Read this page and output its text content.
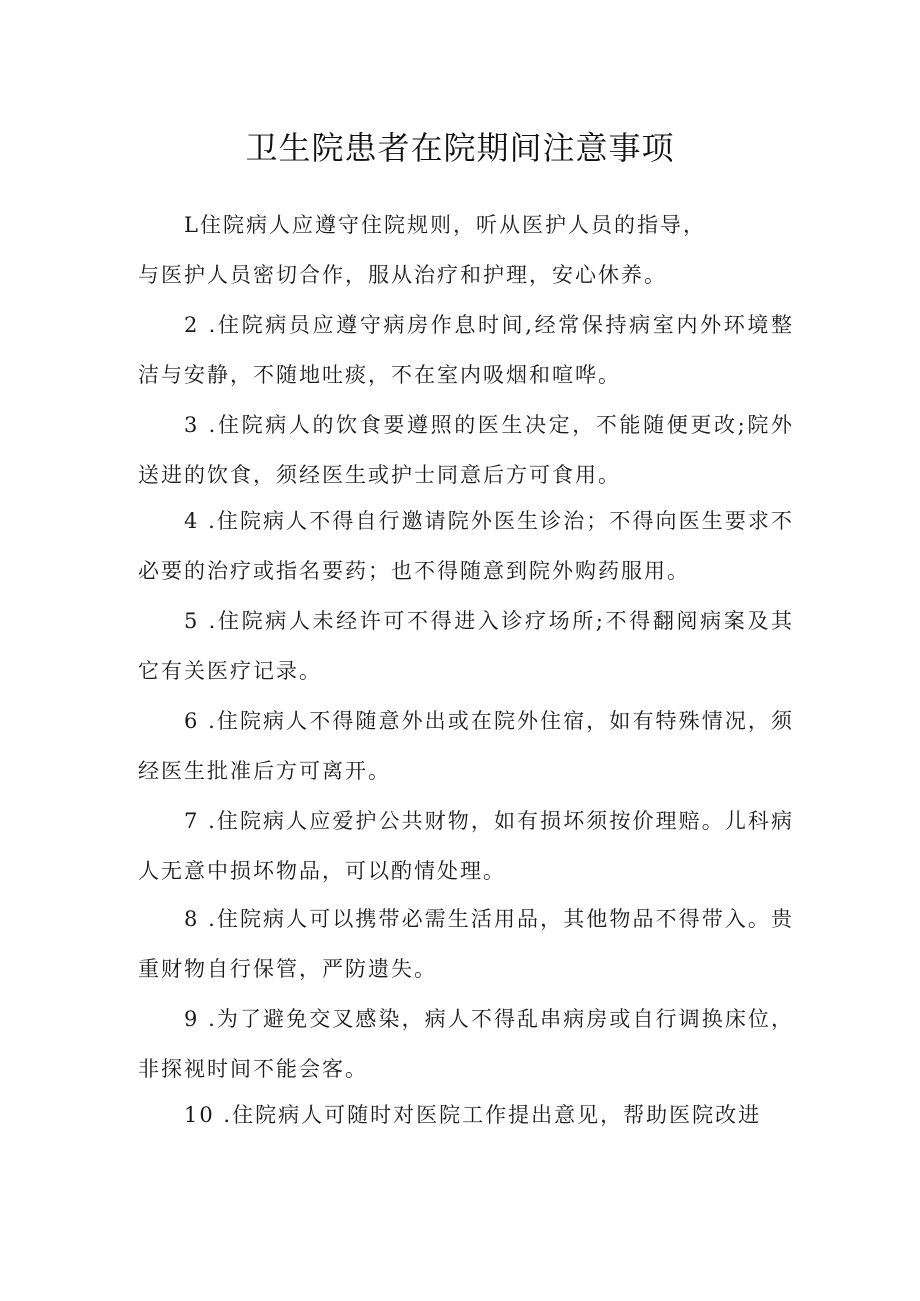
卫生院患者在院期间注意事项

L住院病人应遵守住院规则，听从医护人员的指导，
与医护人员密切合作，服从治疗和护理，安心休养。

2 .住院病员应遵守病房作息时间,经常保持病室内外环境整
洁与安静，不随地吐痰，不在室内吸烟和喧哗。

3 .住院病人的饮食要遵照的医生决定，不能随便更改;院外
送进的饮食，须经医生或护士同意后方可食用。

4 .住院病人不得自行邀请院外医生诊治；不得向医生要求不
必要的治疗或指名要药；也不得随意到院外购药服用。

5 .住院病人未经许可不得进入诊疗场所;不得翻阅病案及其
它有关医疗记录。

6 .住院病人不得随意外出或在院外住宿，如有特殊情况，须
经医生批准后方可离开。

7 .住院病人应爱护公共财物，如有损坏须按价理赔。儿科病
人无意中损坏物品，可以酌情处理。

8 .住院病人可以携带必需生活用品，其他物品不得带入。贵
重财物自行保管，严防遗失。

9 .为了避免交叉感染，病人不得乱串病房或自行调换床位，
非探视时间不能会客。

10 .住院病人可随时对医院工作提出意见，帮助医院改进
